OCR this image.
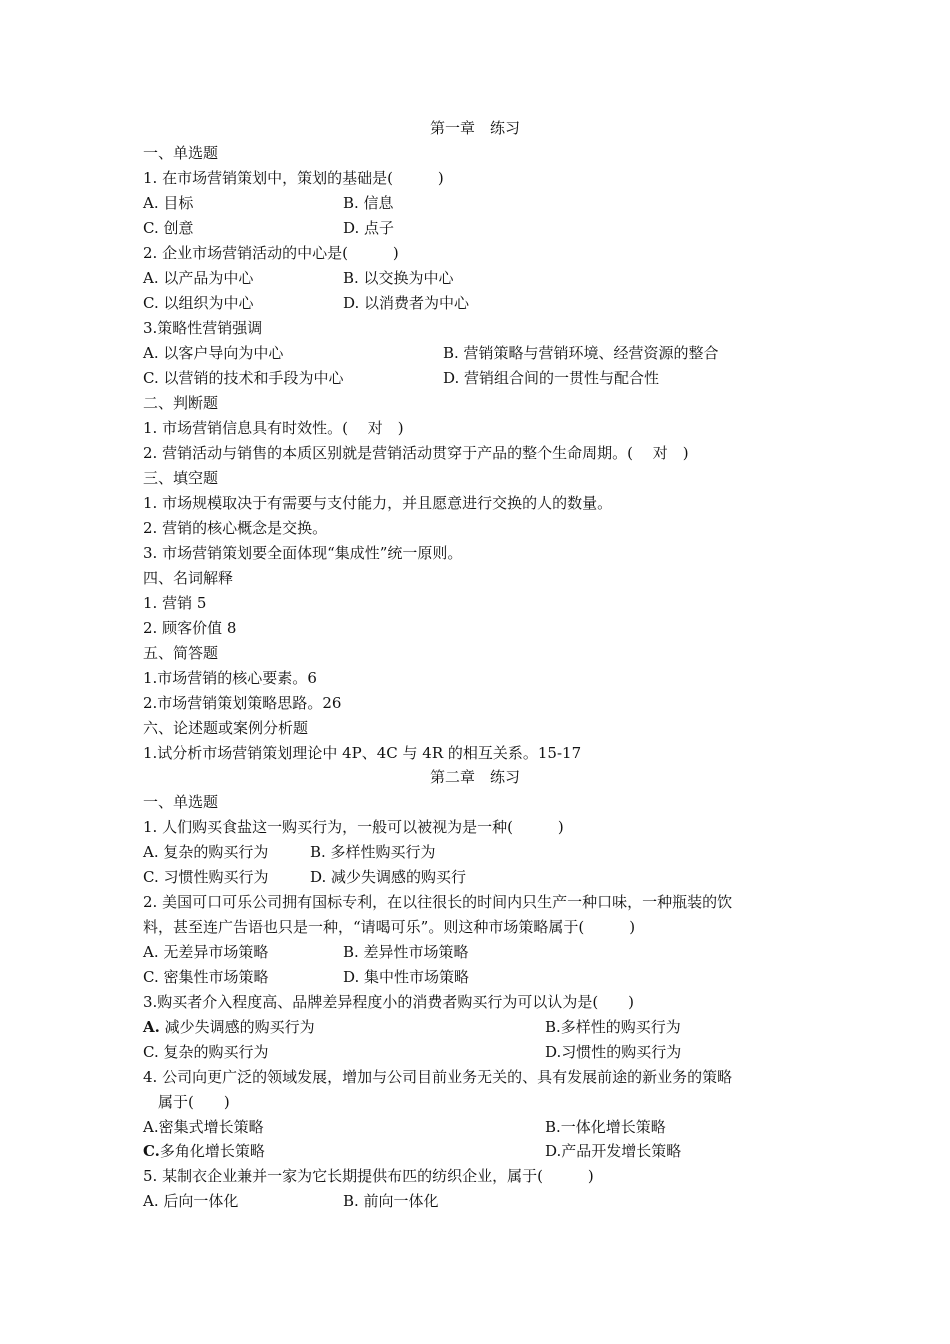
第一章　练习
一、单选题
1. 在市场营销策划中，策划的基础是(　　　)
A. 目标	B. 信息
C. 创意	D. 点子
2. 企业市场营销活动的中心是(　　　)
A. 以产品为中心	B. 以交换为中心
C. 以组织为中心	D. 以消费者为中心
3.策略性营销强调
A. 以客户导向为中心	B. 营销策略与营销环境、经营资源的整合
C. 以营销的技术和手段为中心	D. 营销组合间的一贯性与配合性
二、判断题
1. 市场营销信息具有时效性。(　 对　)
2. 营销活动与销售的本质区别就是营销活动贯穿于产品的整个生命周期。(　 对　)
三、填空题
1. 市场规模取决于有需要与支付能力，并且愿意进行交换的人的数量。
2. 营销的核心概念是交换。
3. 市场营销策划要全面体现“集成性”统一原则。
四、名词解释
1. 营销 5
2. 顾客价值 8
五、简答题
1.市场营销的核心要素。6
2.市场营销策划策略思路。26
六、论述题或案例分析题
1.试分析市场营销策划理论中 4P、4C 与 4R 的相互关系。15-17
第二章　练习
一、单选题
1. 人们购买食盐这一购买行为，一般可以被视为是一种(　　　)
A. 复杂的购买行为	B. 多样性购买行为
C. 习惯性购买行为	D. 减少失调感的购买行
2. 美国可口可乐公司拥有国标专利，在以往很长的时间内只生产一种口味，一种瓶装的饮
料，甚至连广告语也只是一种，“请喝可乐”。则这种市场策略属于(　　　)
A. 无差异市场策略	B. 差异性市场策略
C. 密集性市场策略	D. 集中性市场策略
3.购买者介入程度高、品牌差异程度小的消费者购买行为可以认为是(　　)
A. 减少失调感的购买行为	B.多样性的购买行为
C. 复杂的购买行为	D.习惯性的购买行为
4. 公司向更广泛的领域发展，增加与公司目前业务无关的、具有发展前途的新业务的策略
属于(　　)
A.密集式增长策略	B.一体化增长策略
C.多角化增长策略	D.产品开发增长策略
5. 某制衣企业兼并一家为它长期提供布匹的纺织企业，属于(　　　)
A. 后向一体化	B. 前向一体化
